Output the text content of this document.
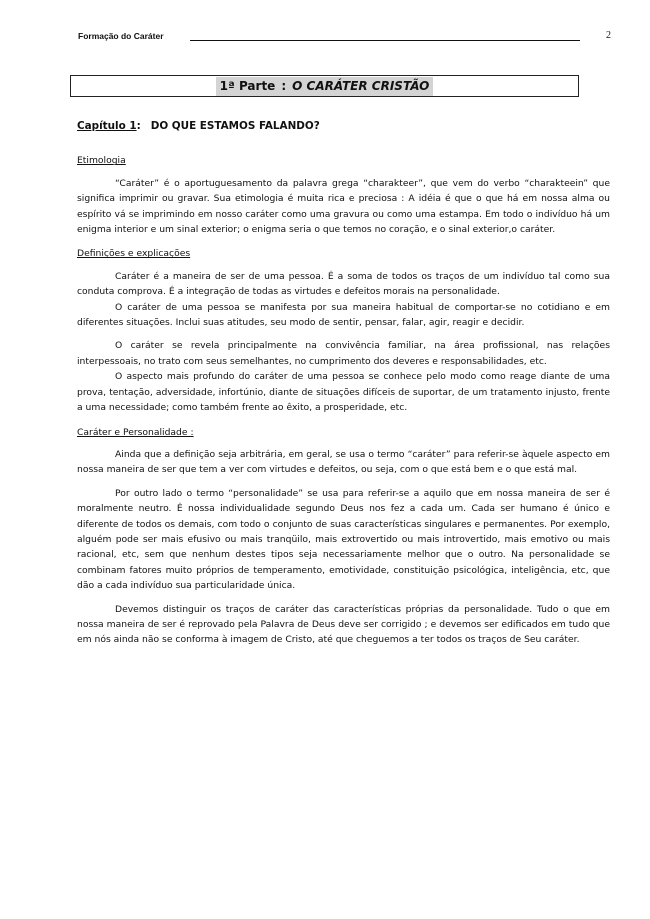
Formação do Caráter	2
1ª Parte : O CARÁTER CRISTÃO
Capítulo 1: DO QUE ESTAMOS FALANDO?
Etimologia

“Caráter” é o aportuguesamento da palavra grega “charakteer”, que vem do verbo “charakteein” que significa imprimir ou gravar. Sua etimologia é muita rica e preciosa : A idéia é que o que há em nossa alma ou espírito vá se imprimindo em nosso caráter como uma gravura ou como uma estampa. Em todo o indivíduo há um enigma interior e um sinal exterior; o enigma seria o que temos no coração, e o sinal exterior,o caráter.

Definições e explicações

Caráter é a maneira de ser de uma pessoa. É a soma de todos os traços de um indivíduo tal como sua conduta comprova. É a integração de todas as virtudes e defeitos morais na personalidade.

O caráter de uma pessoa se manifesta por sua maneira habitual de comportar-se no cotidiano e em diferentes situações. Inclui suas atitudes, seu modo de sentir, pensar, falar, agir, reagir e decidir.

O caráter se revela principalmente na convivência familiar, na área profissional, nas relações interpessoais, no trato com seus semelhantes, no cumprimento dos deveres e responsabilidades, etc.

O aspecto mais profundo do caráter de uma pessoa se conhece pelo modo como reage diante de uma prova, tentação, adversidade, infortúnio, diante de situações difíceis de suportar, de um tratamento injusto, frente a uma necessidade; como também frente ao êxito, a prosperidade, etc.

Caráter e Personalidade :

Ainda que a definição seja arbitrária, em geral, se usa o termo “caráter” para referir-se àquele aspecto em nossa maneira de ser que tem a ver com virtudes e defeitos, ou seja, com o que está bem e o que está mal.

Por outro lado o termo “personalidade” se usa para referir-se a aquilo que em nossa maneira de ser é moralmente neutro. É nossa individualidade segundo Deus nos fez a cada um. Cada ser humano é único e diferente de todos os demais, com todo o conjunto de suas características singulares e permanentes. Por exemplo, alguém pode ser mais efusivo ou mais tranqüilo, mais extrovertido ou mais introvertido, mais emotivo ou mais racional, etc, sem que nenhum destes tipos seja necessariamente melhor que o outro. Na personalidade se combinam fatores muito próprios de temperamento, emotividade, constituição psicológica, inteligência, etc, que dão a cada indivíduo sua particularidade única.

Devemos distinguir os traços de caráter das características próprias da personalidade. Tudo o que em nossa maneira de ser é reprovado pela Palavra de Deus deve ser corrigido ; e devemos ser edificados em tudo que em nós ainda não se conforma à imagem de Cristo, até que cheguemos a ter todos os traços de Seu caráter.
